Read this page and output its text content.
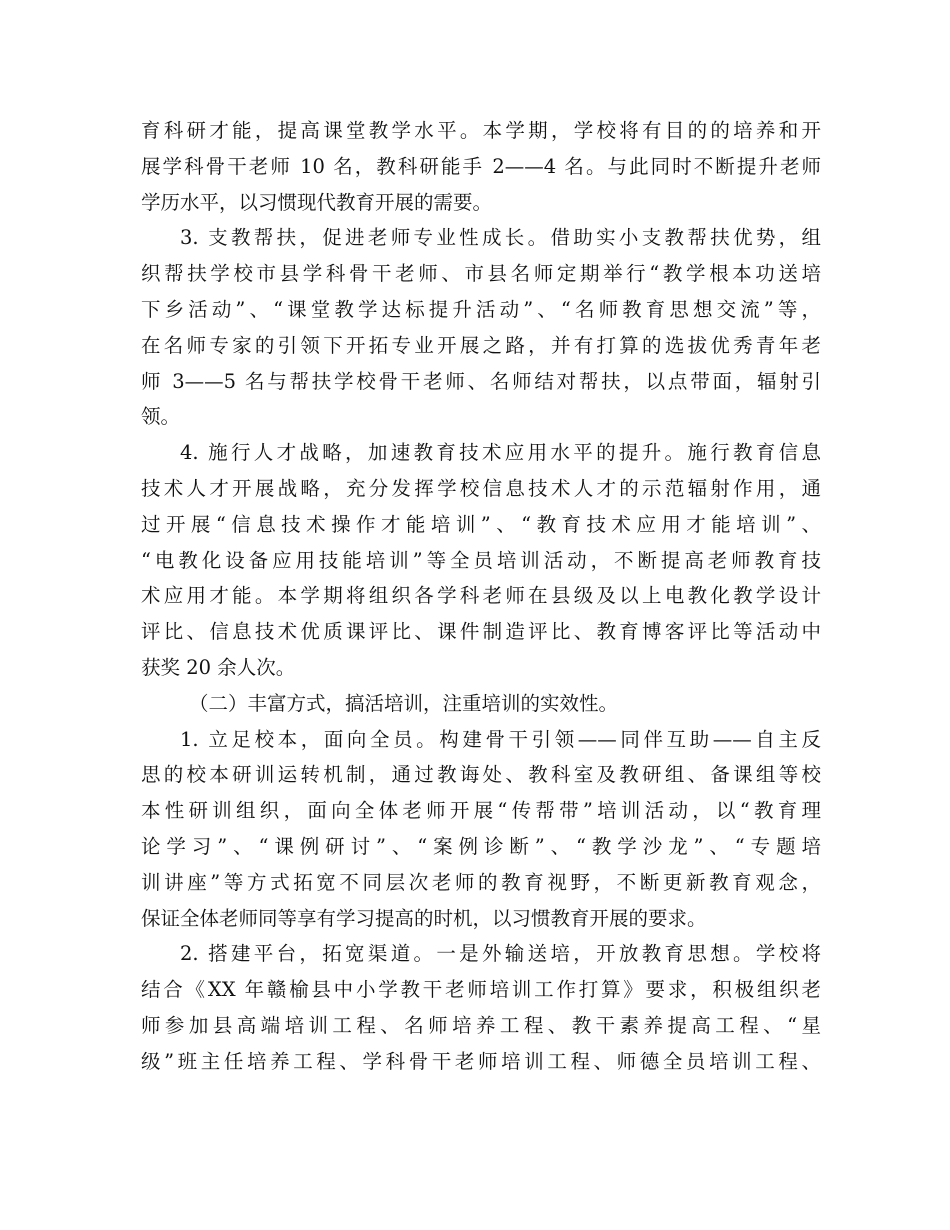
育科研才能，提高课堂教学水平。本学期，学校将有目的的培养和开
展学科骨干老师 10 名，教科研能手 2——4 名。与此同时不断提升老师
学历水平，以习惯现代教育开展的需要。
3. 支教帮扶，促进老师专业性成长。借助实小支教帮扶优势，组
织帮扶学校市县学科骨干老师、市县名师定期举行“教学根本功送培
下乡活动”、“课堂教学达标提升活动”、“名师教育思想交流”等，
在名师专家的引领下开拓专业开展之路，并有打算的选拔优秀青年老
师 3——5 名与帮扶学校骨干老师、名师结对帮扶，以点带面，辐射引
领。
4. 施行人才战略，加速教育技术应用水平的提升。施行教育信息
技术人才开展战略，充分发挥学校信息技术人才的示范辐射作用，通
过开展“信息技术操作才能培训”、“教育技术应用才能培训”、
“电教化设备应用技能培训”等全员培训活动，不断提高老师教育技
术应用才能。本学期将组织各学科老师在县级及以上电教化教学设计
评比、信息技术优质课评比、课件制造评比、教育博客评比等活动中
获奖 20 余人次。
（二）丰富方式，搞活培训，注重培训的实效性。
1. 立足校本，面向全员。构建骨干引领——同伴互助——自主反
思的校本研训运转机制，通过教诲处、教科室及教研组、备课组等校
本性研训组织，面向全体老师开展“传帮带”培训活动，以“教育理
论学习”、“课例研讨”、“案例诊断”、“教学沙龙”、“专题培
训讲座”等方式拓宽不同层次老师的教育视野，不断更新教育观念，
保证全体老师同等享有学习提高的时机，以习惯教育开展的要求。
2. 搭建平台，拓宽渠道。一是外输送培，开放教育思想。学校将
结合《XX 年赣榆县中小学教干老师培训工作打算》要求，积极组织老
师参加县高端培训工程、名师培养工程、教干素养提高工程、“星
级”班主任培养工程、学科骨干老师培训工程、师德全员培训工程、
